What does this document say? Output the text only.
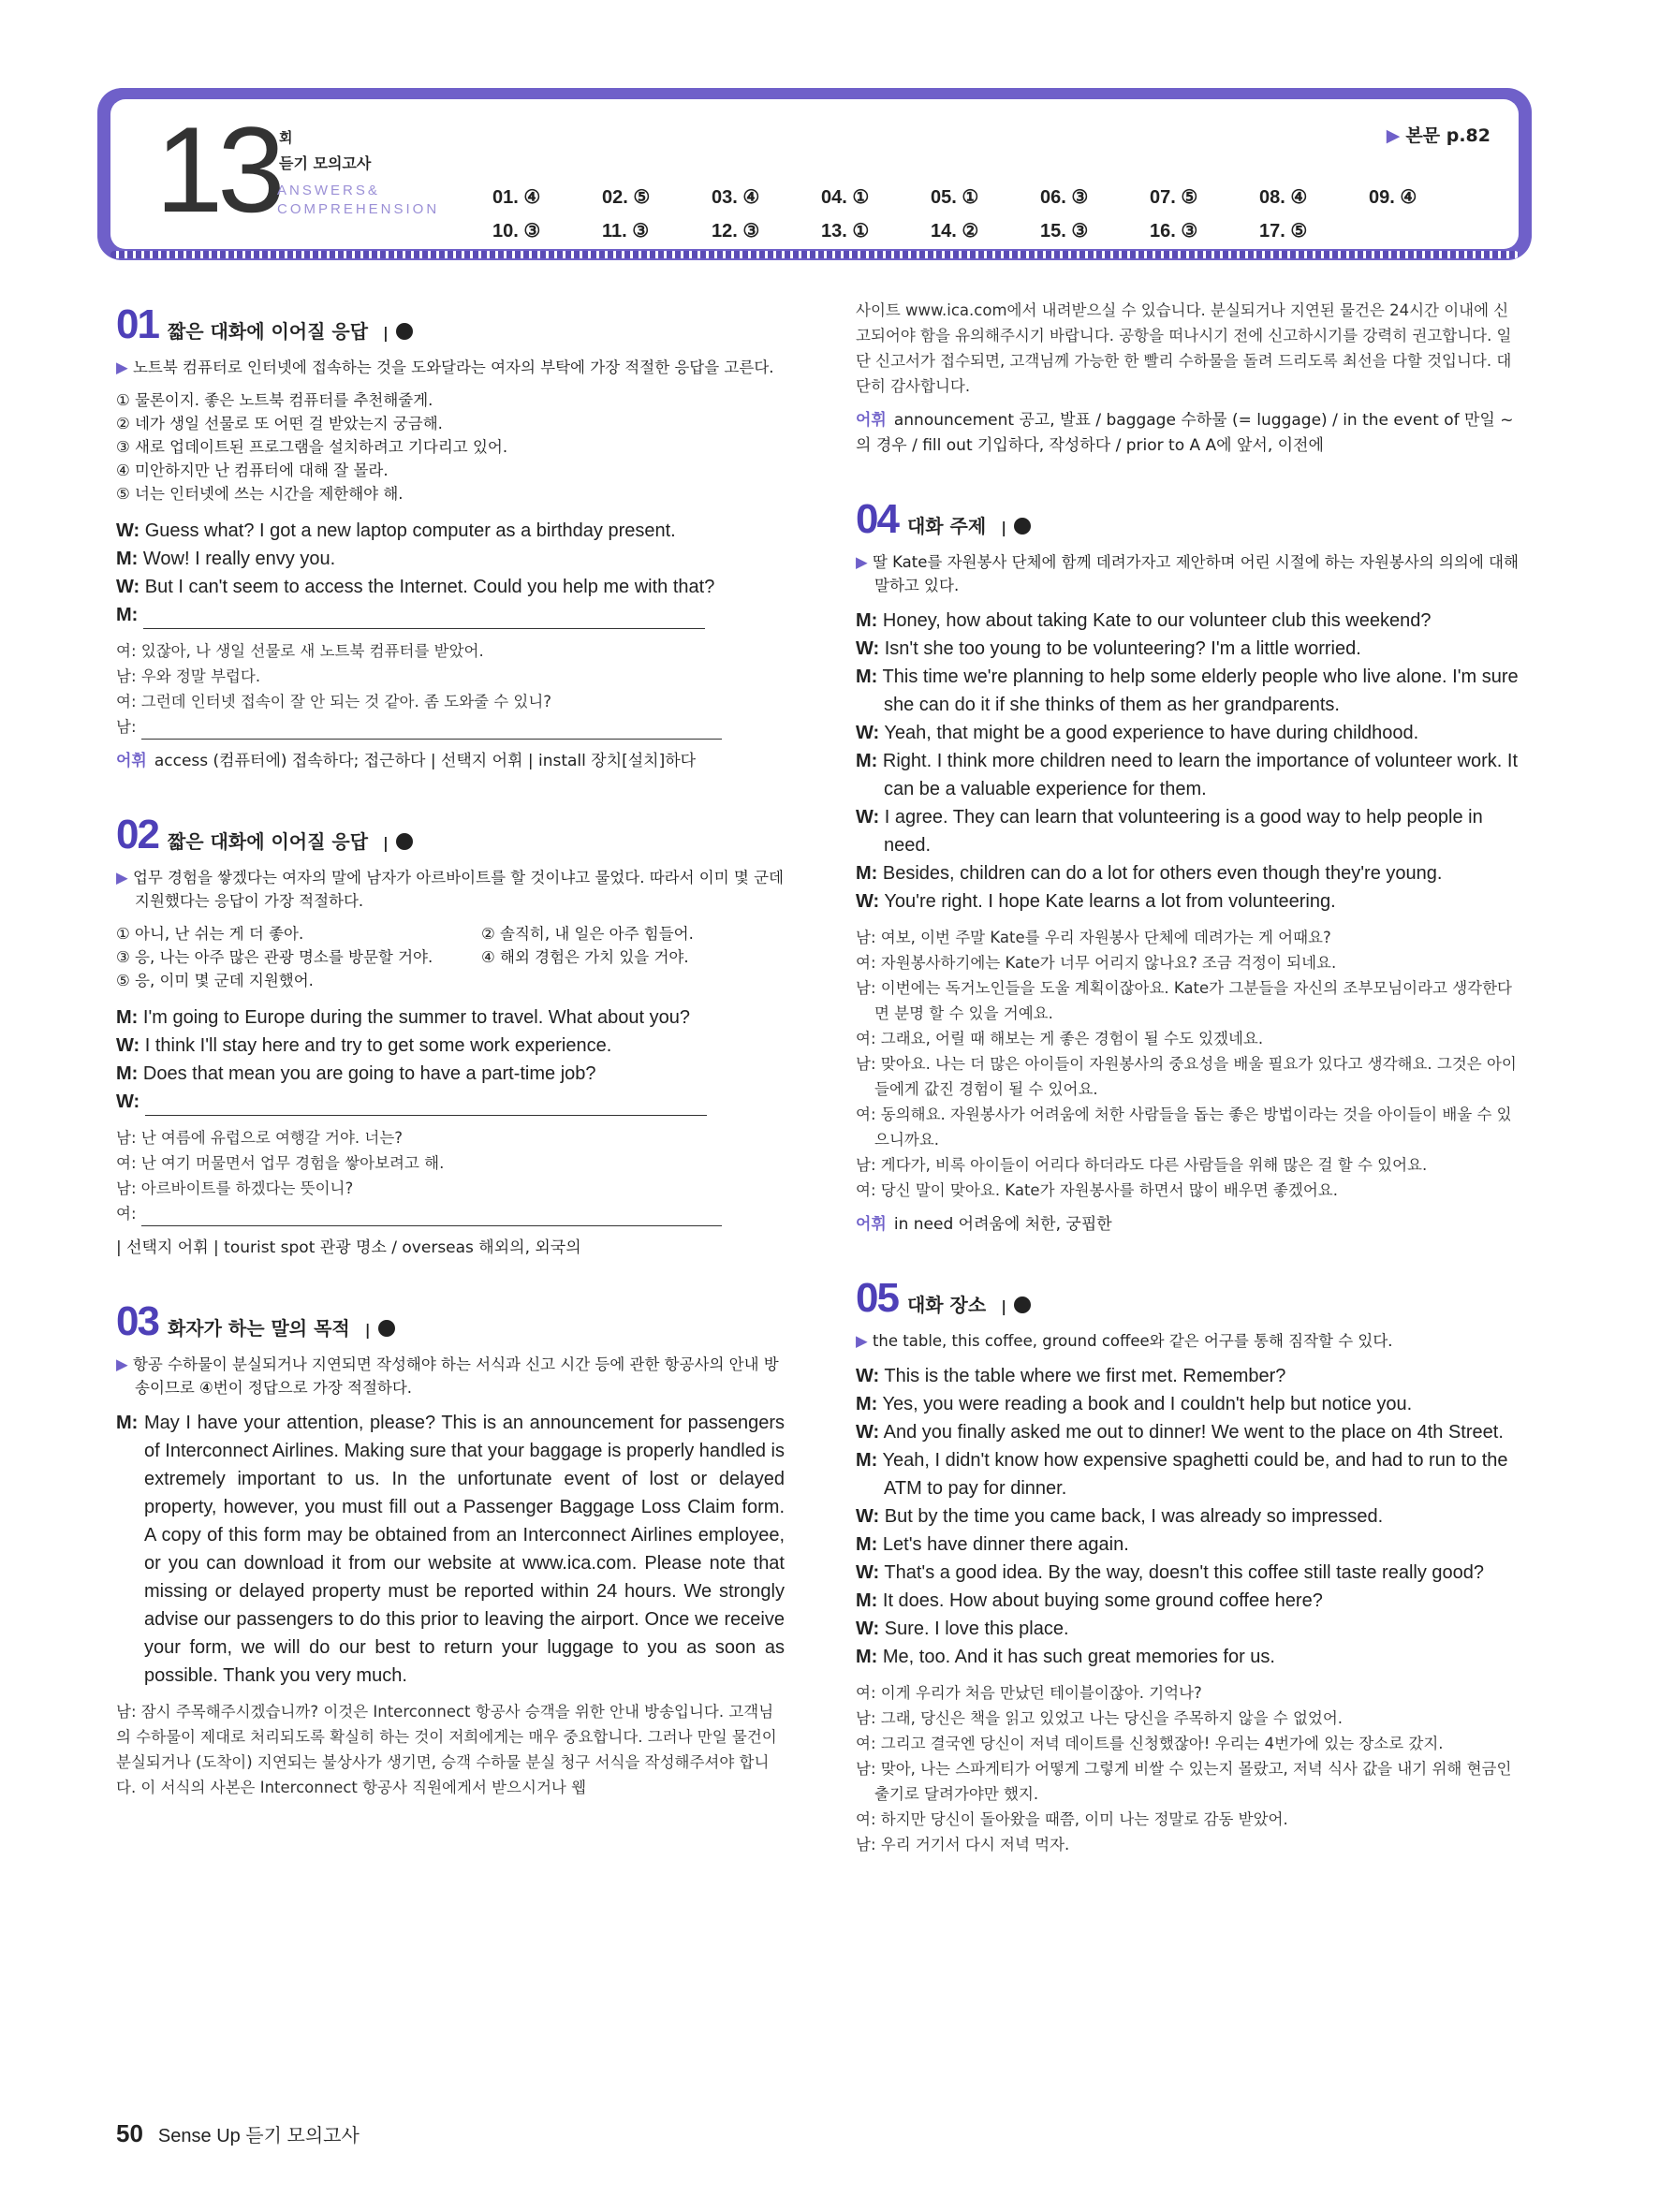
13 회
듣기 모의고사
ANSWERS&
COMPREHENSION
▶ 본문 p.82
01. ④	02. ⑤	03. ④	04. ①	05. ①	06. ③	07. ⑤	08. ④	09. ④
10. ③	11. ③	12. ③	13. ①	14. ②	15. ③	16. ③	17. ⑤
01 짧은 대화에 이어질 응답 |
▶ 노트북 컴퓨터로 인터넷에 접속하는 것을 도와달라는 여자의 부탁에 가장 적절한 응답을 고른다.
① 물론이지. 좋은 노트북 컴퓨터를 추천해줄게.
② 네가 생일 선물로 또 어떤 걸 받았는지 궁금해.
③ 새로 업데이트된 프로그램을 설치하려고 기다리고 있어.
④ 미안하지만 난 컴퓨터에 대해 잘 몰라.
⑤ 너는 인터넷에 쓰는 시간을 제한해야 해.
W: Guess what? I got a new laptop computer as a birthday present.
M: Wow! I really envy you.
W: But I can't seem to access the Internet. Could you help me with that?
M:
여: 있잖아, 나 생일 선물로 새 노트북 컴퓨터를 받았어.
남: 우와 정말 부럽다.
여: 그런데 인터넷 접속이 잘 안 되는 것 같아. 좀 도와줄 수 있니?
남:
어휘 access (컴퓨터에) 접속하다; 접근하다 | 선택지 어휘 | install 장치[설치]하다
02 짧은 대화에 이어질 응답 |
▶ 업무 경험을 쌓겠다는 여자의 말에 남자가 아르바이트를 할 것이냐고 물었다. 따라서 이미 몇 군데 지원했다는 응답이 가장 적절하다.
① 아니, 난 쉬는 게 더 좋아.	② 솔직히, 내 일은 아주 힘들어.
③ 응, 나는 아주 많은 관광 명소를 방문할 거야.	④ 해외 경험은 가치 있을 거야.
⑤ 응, 이미 몇 군데 지원했어.
M: I'm going to Europe during the summer to travel. What about you?
W: I think I'll stay here and try to get some work experience.
M: Does that mean you are going to have a part-time job?
W:
남: 난 여름에 유럽으로 여행갈 거야. 너는?
여: 난 여기 머물면서 업무 경험을 쌓아보려고 해.
남: 아르바이트를 하겠다는 뜻이니?
여:
| 선택지 어휘 | tourist spot 관광 명소 / overseas 해외의, 외국의
03 화자가 하는 말의 목적 |
▶ 항공 수하물이 분실되거나 지연되면 작성해야 하는 서식과 신고 시간 등에 관한 항공사의 안내 방송이므로 ④번이 정답으로 가장 적절하다.
M: May I have your attention, please? This is an announcement for passengers of Interconnect Airlines. Making sure that your baggage is properly handled is extremely important to us. In the unfortunate event of lost or delayed property, however, you must fill out a Passenger Baggage Loss Claim form. A copy of this form may be obtained from an Interconnect Airlines employee, or you can download it from our website at www.ica.com. Please note that missing or delayed property must be reported within 24 hours. We strongly advise our passengers to do this prior to leaving the airport. Once we receive your form, we will do our best to return your luggage to you as soon as possible. Thank you very much.
남: 잠시 주목해주시겠습니까? 이것은 Interconnect 항공사 승객을 위한 안내 방송입니다. 고객님의 수하물이 제대로 처리되도록 확실히 하는 것이 저희에게는 매우 중요합니다. 그러나 만일 물건이 분실되거나 (도착이) 지연되는 불상사가 생기면, 승객 수하물 분실 청구 서식을 작성해주셔야 합니다. 이 서식의 사본은 Interconnect 항공사 직원에게서 받으시거나 웹
사이트 www.ica.com에서 내려받으실 수 있습니다. 분실되거나 지연된 물건은 24시간 이내에 신고되어야 함을 유의해주시기 바랍니다. 공항을 떠나시기 전에 신고하시기를 강력히 권고합니다. 일단 신고서가 접수되면, 고객님께 가능한 한 빨리 수하물을 돌려 드리도록 최선을 다할 것입니다. 대단히 감사합니다.
어휘 announcement 공고, 발표 / baggage 수하물 (= luggage) / in the event of 만일 ~의 경우 / fill out 기입하다, 작성하다 / prior to A A에 앞서, 이전에
04 대화 주제 |
▶ 딸 Kate를 자원봉사 단체에 함께 데려가자고 제안하며 어린 시절에 하는 자원봉사의 의의에 대해 말하고 있다.
M: Honey, how about taking Kate to our volunteer club this weekend?
W: Isn't she too young to be volunteering? I'm a little worried.
M: This time we're planning to help some elderly people who live alone. I'm sure she can do it if she thinks of them as her grandparents.
W: Yeah, that might be a good experience to have during childhood.
M: Right. I think more children need to learn the importance of volunteer work. It can be a valuable experience for them.
W: I agree. They can learn that volunteering is a good way to help people in need.
M: Besides, children can do a lot for others even though they're young.
W: You're right. I hope Kate learns a lot from volunteering.
남: 여보, 이번 주말 Kate를 우리 자원봉사 단체에 데려가는 게 어때요?
여: 자원봉사하기에는 Kate가 너무 어리지 않나요? 조금 걱정이 되네요.
남: 이번에는 독거노인들을 도울 계획이잖아요. Kate가 그분들을 자신의 조부모님이라고 생각한다면 분명 할 수 있을 거예요.
여: 그래요, 어릴 때 해보는 게 좋은 경험이 될 수도 있겠네요.
남: 맞아요. 나는 더 많은 아이들이 자원봉사의 중요성을 배울 필요가 있다고 생각해요. 그것은 아이들에게 값진 경험이 될 수 있어요.
여: 동의해요. 자원봉사가 어려움에 처한 사람들을 돕는 좋은 방법이라는 것을 아이들이 배울 수 있으니까요.
남: 게다가, 비록 아이들이 어리다 하더라도 다른 사람들을 위해 많은 걸 할 수 있어요.
여: 당신 말이 맞아요. Kate가 자원봉사를 하면서 많이 배우면 좋겠어요.
어휘 in need 어려움에 처한, 궁핍한
05 대화 장소 |
▶ the table, this coffee, ground coffee와 같은 어구를 통해 짐작할 수 있다.
W: This is the table where we first met. Remember?
M: Yes, you were reading a book and I couldn't help but notice you.
W: And you finally asked me out to dinner! We went to the place on 4th Street.
M: Yeah, I didn't know how expensive spaghetti could be, and had to run to the ATM to pay for dinner.
W: But by the time you came back, I was already so impressed.
M: Let's have dinner there again.
W: That's a good idea. By the way, doesn't this coffee still taste really good?
M: It does. How about buying some ground coffee here?
W: Sure. I love this place.
M: Me, too. And it has such great memories for us.
여: 이게 우리가 처음 만났던 테이블이잖아. 기억나?
남: 그래, 당신은 책을 읽고 있었고 나는 당신을 주목하지 않을 수 없었어.
여: 그리고 결국엔 당신이 저녁 데이트를 신청했잖아! 우리는 4번가에 있는 장소로 갔지.
남: 맞아, 나는 스파게티가 어떻게 그렇게 비쌀 수 있는지 몰랐고, 저녁 식사 값을 내기 위해 현금인출기로 달려가야만 했지.
여: 하지만 당신이 돌아왔을 때쯤, 이미 나는 정말로 감동 받았어.
남: 우리 거기서 다시 저녁 먹자.
50 Sense Up 듣기 모의고사
